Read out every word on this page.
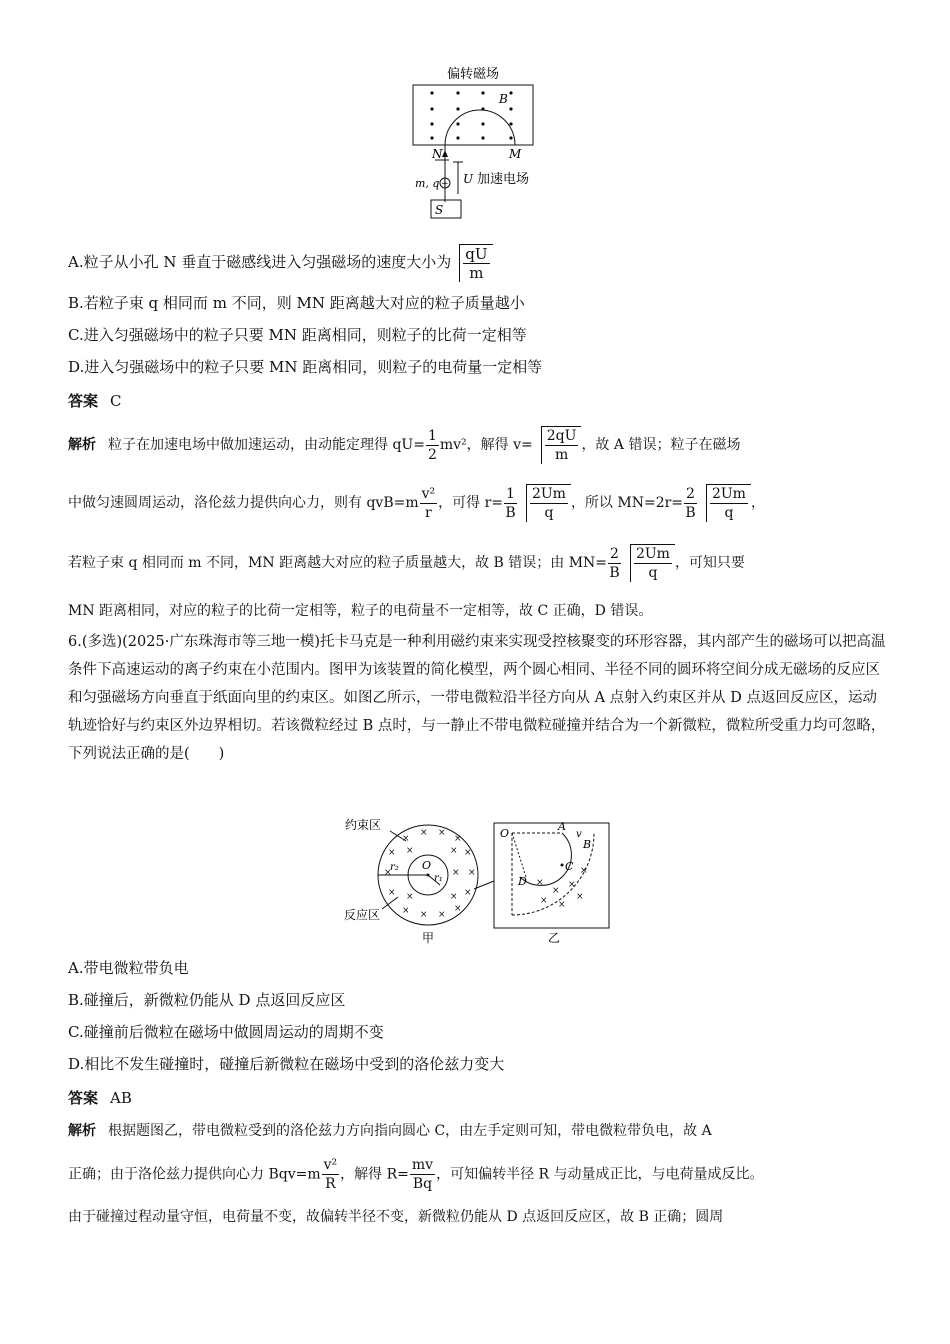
偏转磁场
B
N	M
+
m, q U 加速电场
S
A.粒子从小孔 N 垂直于磁感线进入匀强磁场的速度大小为 $\frac{qU}{m}$
B.若粒子束 q 相同而 m 不同，则 MN 距离越大对应的粒子质量越小
C.进入匀强磁场中的粒子只要 MN 距离相同，则粒子的比荷一定相等
D.进入匀强磁场中的粒子只要 MN 距离相同，则粒子的电荷量一定相等
答案 C
解析 粒子在加速电场中做加速运动，由动能定理得 $qU= \frac{1}{2} mv^2$，解得 $v= \frac{2qU}{m}$ ，故 A 错误；粒子在磁场
中做匀速圆周运动，洛伦兹力提供向心力，则有 $qvB=m \frac{\text{v²}}{r}$ ，可得 $r= \frac{1}{B} \frac{2Um}{q}$ ，所以 $MN=2r= \frac{2}{B} \frac{2Um}{q}$ ，
若粒子束 q 相同而 m 不同，MN 距离越大对应的粒子质量越大，故 B 错误；由 $MN= \frac{2}{B} \frac{2Um}{q}$ ，可知只要
MN 距离相同，对应的粒子的比荷一定相等，粒子的电荷量不一定相等，故 C 正确，D 错误。
6.(多选)(2025·广东珠海市等三地一模)托卡马克是一种利用磁约束来实现受控核聚变的环形容器，其内部产生的磁场可以把高温条件下高速运动的离子约束在小范围内。图甲为该装置的简化模型，两个圆心相同、半径不同的圆环将空间分成无磁场的反应区和匀强磁场方向垂直于纸面向里的约束区。如图乙所示，一带电微粒沿半径方向从 A 点射入约束区并从 D 点返回反应区，运动轨迹恰好与约束区外边界相切。若该微粒经过 B 点时，与一静止不带电微粒碰撞并结合为一个新微粒，微粒所受重力均可忽略，下列说法正确的是(　　)
约束区
×
× ×
×
× ×	× ×
×	× ×
× ×	× ×
× × ×
×
O
r₂
r₁
反应区
甲
O
×
×
×
×
× ×
×
A
v
B
C
D
乙
A.带电微粒带负电
B.碰撞后，新微粒仍能从 D 点返回反应区
C.碰撞前后微粒在磁场中做圆周运动的周期不变
D.相比不发生碰撞时，碰撞后新微粒在磁场中受到的洛伦兹力变大
答案 AB
解析 根据题图乙，带电微粒受到的洛伦兹力方向指向圆心 C，由左手定则可知，带电微粒带负电，故 A
正确；由于洛伦兹力提供向心力 $Bqv=m \frac{\text{v²}}{R}$ ，解得 $R= \frac{mv}{Bq}$ ，可知偏转半径 R 与动量成正比，与电荷量成反比。
由于碰撞过程动量守恒，电荷量不变，故偏转半径不变，新微粒仍能从 D 点返回反应区，故 B 正确；圆周
